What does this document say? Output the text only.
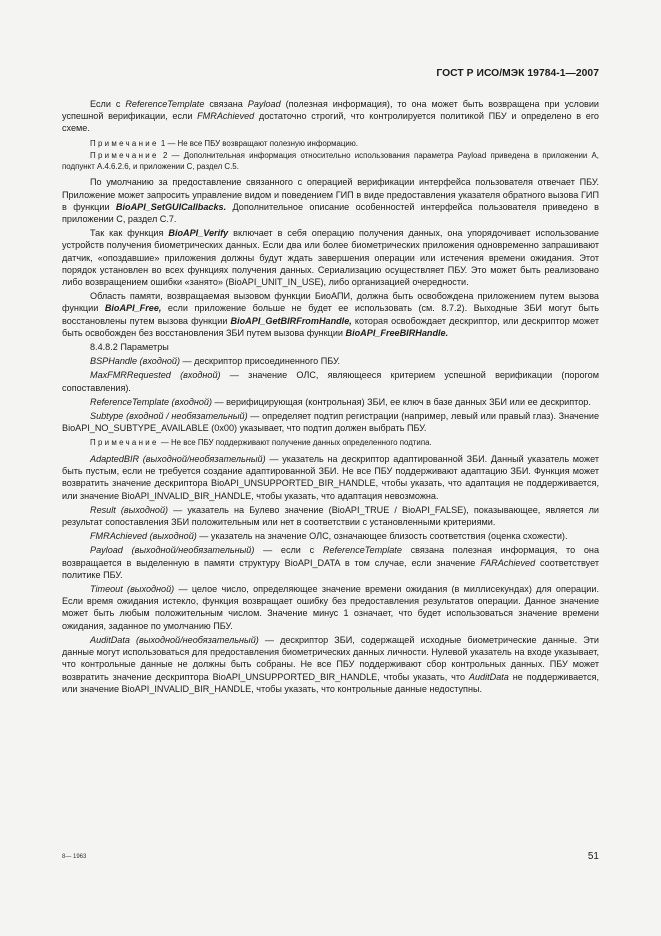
ГОСТ Р ИСО/МЭК 19784-1—2007

Если с ReferenceTemplate связана Payload (полезная информация), то она может быть возвращена при условии успешной верификации, если FMRAchieved достаточно строгий, что контролируется политикой ПБУ и определено в его схеме.

Примечание 1 — Не все ПБУ возвращают полезную информацию.

Примечание 2 — Дополнительная информация относительно использования параметра Payload приведена в приложении А, подпункт А.4.6.2.6, и приложении С, раздел С.5.

По умолчанию за предоставление связанного с операцией верификации интерфейса пользователя отвечает ПБУ. Приложение может запросить управление видом и поведением ГИП в виде предоставления указателя обратного вызова ГИП в функции BioAPI_SetGUICallbacks. Дополнительное описание особенностей интерфейса пользователя приведено в приложении С, раздел С.7.

Так как функция BioAPI_Verify включает в себя операцию получения данных, она упорядочивает использование устройств получения биометрических данных. Если два или более биометрических приложения одновременно запрашивают датчик, «опоздавшие» приложения должны будут ждать завершения операции или истечения времени ожидания. Этот порядок установлен во всех функциях получения данных. Сериализацию осуществляет ПБУ. Это может быть реализовано либо возвращением ошибки «занято» (BioAPI_UNIT_IN_USE), либо организацией очередности.

Область памяти, возвращаемая вызовом функции БиоАПИ, должна быть освобождена приложением путем вызова функции BioAPI_Free, если приложение больше не будет ее использовать (см. 8.7.2). Выходные ЗБИ могут быть восстановлены путем вызова функции BioAPI_GetBIRFromHandle, которая освобождает дескриптор, или дескриптор может быть освобожден без восстановления ЗБИ путем вызова функции BioAPI_FreeBIRHandle.

8.4.8.2 Параметры

BSPHandle (входной) — дескриптор присоединенного ПБУ.

MaxFMRRequested (входной) — значение ОЛС, являющееся критерием успешной верификации (порогом сопоставления).

ReferenceTemplate (входной) — верифицирующая (контрольная) ЗБИ, ее ключ в базе данных ЗБИ или ее дескриптор.

Subtype (входной / необязательный) — определяет подтип регистрации (например, левый или правый глаз). Значение BioAPI_NO_SUBTYPE_AVAILABLE (0x00) указывает, что подтип должен выбрать ПБУ.

Примечание — Не все ПБУ поддерживают получение данных определенного подтипа.

AdaptedBIR (выходной/необязательный) — указатель на дескриптор адаптированной ЗБИ. Данный указатель может быть пустым, если не требуется создание адаптированной ЗБИ. Не все ПБУ поддерживают адаптацию ЗБИ. Функция может возвратить значение дескриптора BioAPI_UNSUPPORTED_BIR_HANDLE, чтобы указать, что адаптация не поддерживается, или значение BioAPI_INVALID_BIR_HANDLE, чтобы указать, что адаптация невозможна.

Result (выходной) — указатель на Булево значение (BioAPI_TRUE / BioAPI_FALSE), показывающее, является ли результат сопоставления ЗБИ положительным или нет в соответствии с установленными критериями.

FMRAchieved (выходной) — указатель на значение ОЛС, означающее близость соответствия (оценка схожести).

Payload (выходной/необязательный) — если с ReferenceTemplate связана полезная информация, то она возвращается в выделенную в памяти структуру BioAPI_DATA в том случае, если значение FARAchieved соответствует политике ПБУ.

Timeout (выходной) — целое число, определяющее значение времени ожидания (в миллисекундах) для операции. Если время ожидания истекло, функция возвращает ошибку без предоставления результатов операции. Данное значение может быть любым положительным числом. Значение минус 1 означает, что будет использоваться значение времени ожидания, заданное по умолчанию ПБУ.

AuditData (выходной/необязательный) — дескриптор ЗБИ, содержащей исходные биометрические данные. Эти данные могут использоваться для предоставления биометрических данных личности. Нулевой указатель на входе указывает, что контрольные данные не должны быть собраны. Не все ПБУ поддерживают сбор контрольных данных. ПБУ может возвратить значение дескриптора BioAPI_UNSUPPORTED_BIR_HANDLE, чтобы указать, что AuditData не поддерживается, или значение BioAPI_INVALID_BIR_HANDLE, чтобы указать, что контрольные данные недоступны.

8— 1963	51
